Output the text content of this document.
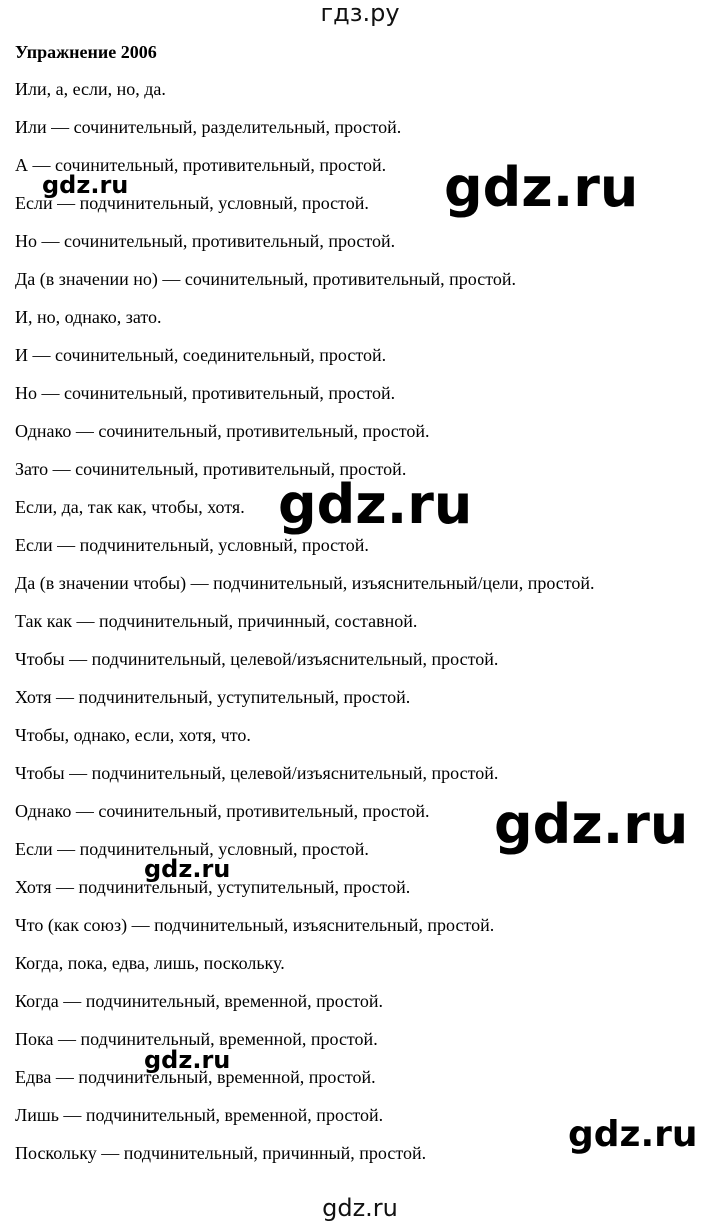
гдз.ру
Упражнение 2006
Или, а, если, но, да.
Или — сочинительный, разделительный, простой.
А — сочинительный, противительный, простой.
Если — подчинительный, условный, простой.
Но — сочинительный, противительный, простой.
Да (в значении но) — сочинительный, противительный, простой.
И, но, однако, зато.
И — сочинительный, соединительный, простой.
Но — сочинительный, противительный, простой.
Однако — сочинительный, противительный, простой.
Зато — сочинительный, противительный, простой.
Если, да, так как, чтобы, хотя.
Если — подчинительный, условный, простой.
Да (в значении чтобы) — подчинительный, изъяснительный/цели, простой.
Так как — подчинительный, причинный, составной.
Чтобы — подчинительный, целевой/изъяснительный, простой.
Хотя — подчинительный, уступительный, простой.
Чтобы, однако, если, хотя, что.
Чтобы — подчинительный, целевой/изъяснительный, простой.
Однако — сочинительный, противительный, простой.
Если — подчинительный, условный, простой.
Хотя — подчинительный, уступительный, простой.
Что (как союз) — подчинительный, изъяснительный, простой.
Когда, пока, едва, лишь, поскольку.
Когда — подчинительный, временной, простой.
Пока — подчинительный, временной, простой.
Едва — подчинительный, временной, простой.
Лишь — подчинительный, временной, простой.
Поскольку — подчинительный, причинный, простой.
gdz.ru	gdz.ru
gdz.ru
gdz.ru
gdz.ru
gdz.ru
gdz.ru
gdz.ru
